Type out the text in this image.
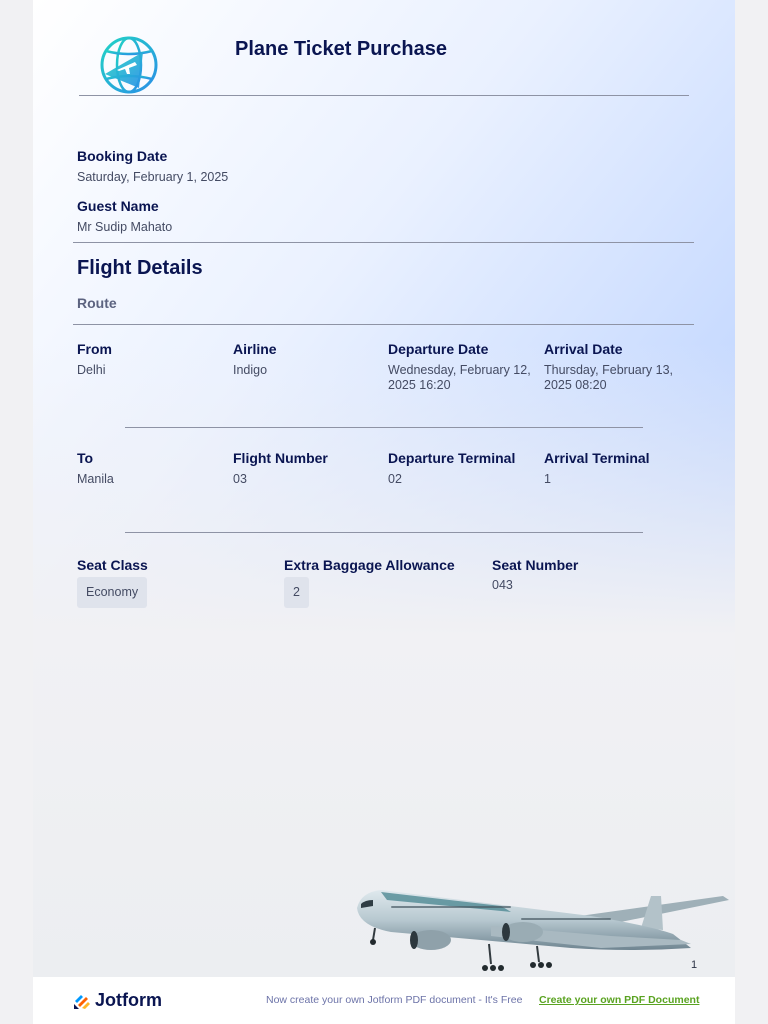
Plane Ticket Purchase
Booking Date
Saturday, February 1, 2025
Guest Name
Mr Sudip Mahato
Flight Details
Route
From
Delhi
Airline
Indigo
Departure Date
Wednesday, February 12, 2025 16:20
Arrival Date
Thursday, February 13, 2025 08:20
To
Manila
Flight Number
03
Departure Terminal
02
Arrival Terminal
1
Seat Class
Economy
Extra Baggage Allowance
2
Seat Number
043
1
Jotform	Now create your own Jotform PDF document - It's Free Create your own PDF Document
